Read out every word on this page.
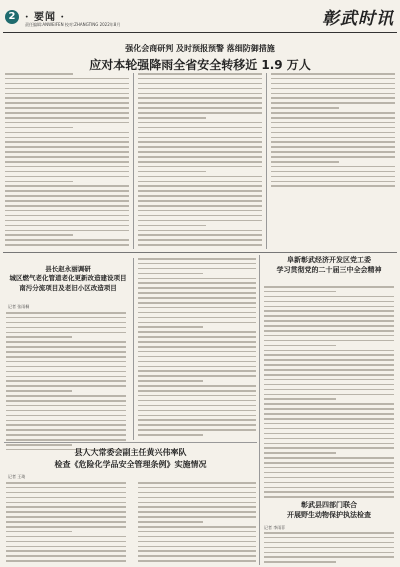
2 · 要闻 ·
责任编辑:ANWEIFEN 校对:ZHANGTING 2022年8月	彰武时讯
强化会商研判 及时预报预警 落细防御措施
应对本轮强降雨全省安全转移近 1.9 万人
阜新彰武经济开发区党工委
学习贯彻党的二十届三中全会精神
县长赵永丽调研
城区燃气老化管道老化更新改造建设项目
南污分流项目及老旧小区改造项目
记者 张雨桐
县人大常委会副主任黄兴伟率队
检查《危险化学品安全管理条例》实施情况
记者 王琦
彰武县四部门联合
开展野生动物保护执法检查
记者 李雨菲
